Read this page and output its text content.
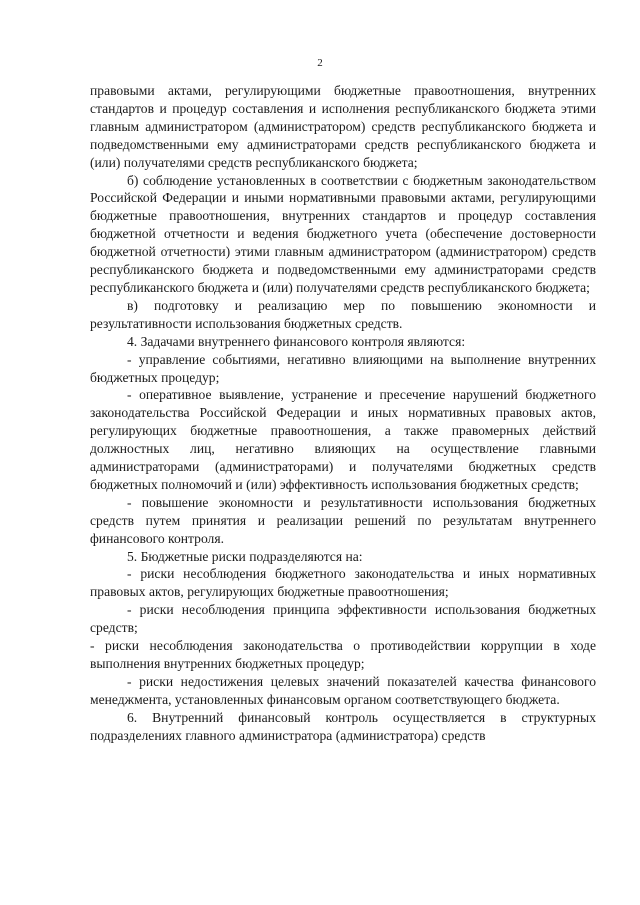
2

правовыми актами, регулирующими бюджетные правоотношения, внутренних стандартов и процедур составления и исполнения республиканского бюджета этими главным администратором (администратором) средств республиканского бюджета и подведомственными ему администраторами средств республиканского бюджета и (или) получателями средств республиканского бюджета;

б) соблюдение установленных в соответствии с бюджетным законодательством Российской Федерации и иными нормативными правовыми актами, регулирующими бюджетные правоотношения, внутренних стандартов и процедур составления бюджетной отчетности и ведения бюджетного учета (обеспечение достоверности бюджетной отчетности) этими главным администратором (администратором) средств республиканского бюджета и подведомственными ему администраторами средств республиканского бюджета и (или) получателями средств республиканского бюджета;

в) подготовку и реализацию мер по повышению экономности и результативности использования бюджетных средств.

4. Задачами внутреннего финансового контроля являются:

- управление событиями, негативно влияющими на выполнение внутренних бюджетных процедур;

- оперативное выявление, устранение и пресечение нарушений бюджетного законодательства Российской Федерации и иных нормативных правовых актов, регулирующих бюджетные правоотношения, а также правомерных действий должностных лиц, негативно влияющих на осуществление главными администраторами (администраторами) и получателями бюджетных средств бюджетных полномочий и (или) эффективность использования бюджетных средств;

- повышение экономности и результативности использования бюджетных средств путем принятия и реализации решений по результатам внутреннего финансового контроля.

5. Бюджетные риски подразделяются на:

- риски несоблюдения бюджетного законодательства и иных нормативных правовых актов, регулирующих бюджетные правоотношения;

- риски несоблюдения принципа эффективности использования бюджетных средств;

- риски несоблюдения законодательства о противодействии коррупции в ходе выполнения внутренних бюджетных процедур;

- риски недостижения целевых значений показателей качества финансового менеджмента, установленных финансовым органом соответствующего бюджета.

6. Внутренний финансовый контроль осуществляется в структурных подразделениях главного администратора (администратора) средств
